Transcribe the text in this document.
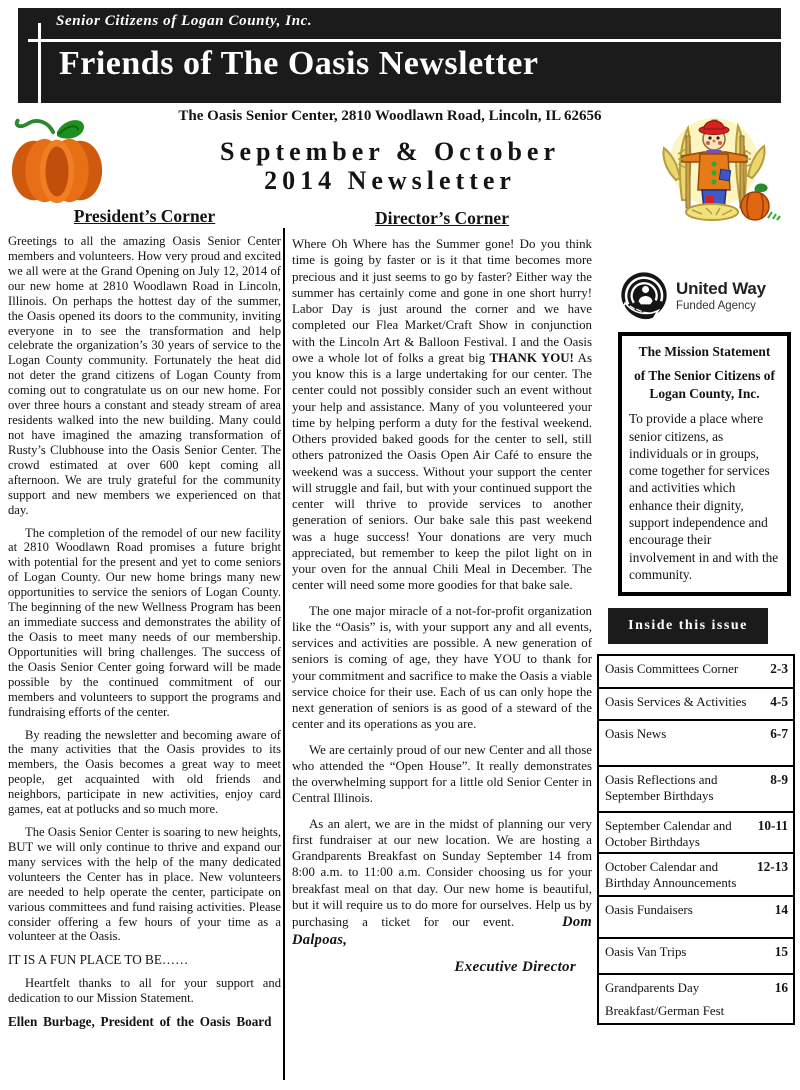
Senior Citizens of Logan County, Inc.
Friends of The Oasis Newsletter
The Oasis Senior Center, 2810 Woodlawn Road, Lincoln, IL 62656
September & October
2014 Newsletter
President’s Corner

Greetings to all the amazing Oasis Senior Center members and volunteers. How very proud and excited we all were at the Grand Opening on July 12, 2014 of our new home at 2810 Woodlawn Road in Lincoln, Illinois. On perhaps the hottest day of the summer, the Oasis opened its doors to the community, inviting everyone in to see the transformation and help celebrate the organization’s 30 years of service to the Logan County community. Fortunately the heat did not deter the grand citizens of Logan County from coming out to congratulate us on our new home. For over three hours a constant and steady stream of area residents walked into the new building. Many could not have imagined the amazing transformation of Rusty’s Clubhouse into the Oasis Senior Center. The crowd estimated at over 600 kept coming all afternoon. We are truly grateful for the community support and new members we experienced on that day.

The completion of the remodel of our new facility at 2810 Woodlawn Road promises a future bright with potential for the present and yet to come seniors of Logan County. Our new home brings many new opportunities to service the seniors of Logan County. The beginning of the new Wellness Program has been an immediate success and demonstrates the ability of the Oasis to meet many needs of our membership. Opportunities will bring challenges. The success of the Oasis Senior Center going forward will be made possible by the continued commitment of our members and volunteers to support the programs and fundraising efforts of the center.

By reading the newsletter and becoming aware of the many activities that the Oasis provides to its members, the Oasis becomes a great way to meet people, get acquainted with old friends and neighbors, participate in new activities, enjoy card games, eat at potlucks and so much more.

The Oasis Senior Center is soaring to new heights, BUT we will only continue to thrive and expand our many services with the help of the many dedicated volunteers the Center has in place. New volunteers are needed to help operate the center, participate on various committees and fund raising activities. Please consider offering a few hours of your time as a volunteer at the Oasis.

IT IS A FUN PLACE TO BE……

Heartfelt thanks to all for your support and dedication to our Mission Statement.

Ellen Burbage, President of the Oasis Board
Director’s Corner

Where Oh Where has the Summer gone! Do you think time is going by faster or is it that time becomes more precious and it just seems to go by faster? Either way the summer has certainly come and gone in one short hurry! Labor Day is just around the corner and we have completed our Flea Market/Craft Show in conjunction with the Lincoln Art & Balloon Festival. I and the Oasis owe a whole lot of folks a great big THANK YOU! As you know this is a large undertaking for our center. The center could not possibly consider such an event without your help and assistance. Many of you volunteered your time by helping perform a duty for the festival weekend. Others provided baked goods for the center to sell, still others patronized the Oasis Open Air Café to ensure the weekend was a success. Without your support the center will struggle and fail, but with your continued support the center will thrive to provide services to another generation of seniors. Our bake sale this past weekend was a huge success! Your donations are very much appreciated, but remember to keep the pilot light on in your oven for the annual Chili Meal in December. The center will need some more goodies for that bake sale.

The one major miracle of a not-for-profit organization like the “Oasis” is, with your support any and all events, services and activities are possible. A new generation of seniors is coming of age, they have YOU to thank for your commitment and sacrifice to make the Oasis a viable service choice for their use. Each of us can only hope the next generation of seniors is as good of a steward of the center and its operations as you are.

We are certainly proud of our new Center and all those who attended the “Open House”. It really demonstrates the overwhelming support for a little old Senior Center in Central Illinois.

As an alert, we are in the midst of planning our very first fundraiser at our new location. We are hosting a Grandparents Breakfast on Sunday September 14 from 8:00 a.m. to 11:00 a.m. Consider choosing us for your breakfast meal on that day. Our new home is beautiful, but it will require us to do more for ourselves. Help us by purchasing a ticket for our event.	Dom Dalpoas,

Executive Director
United Way
Funded Agency
The Mission Statement
of The Senior Citizens of
Logan County, Inc.
To provide a place where senior citizens, as individuals or in groups, come together for services and activities which enhance their dignity, support independence and encourage their involvement in and with the community.
Inside this issue
Oasis Committees Corner	2-3
Oasis Services & Activities 4-5
Oasis News	6-7
Oasis Reflections and September Birthdays
8-9
September Calendar and October Birthdays
10-11
October Calendar and Birthday Announcements
12-13
Oasis Fundaisers	14
Oasis Van Trips	15
Grandparents Day
Breakfast/German Fest
16
